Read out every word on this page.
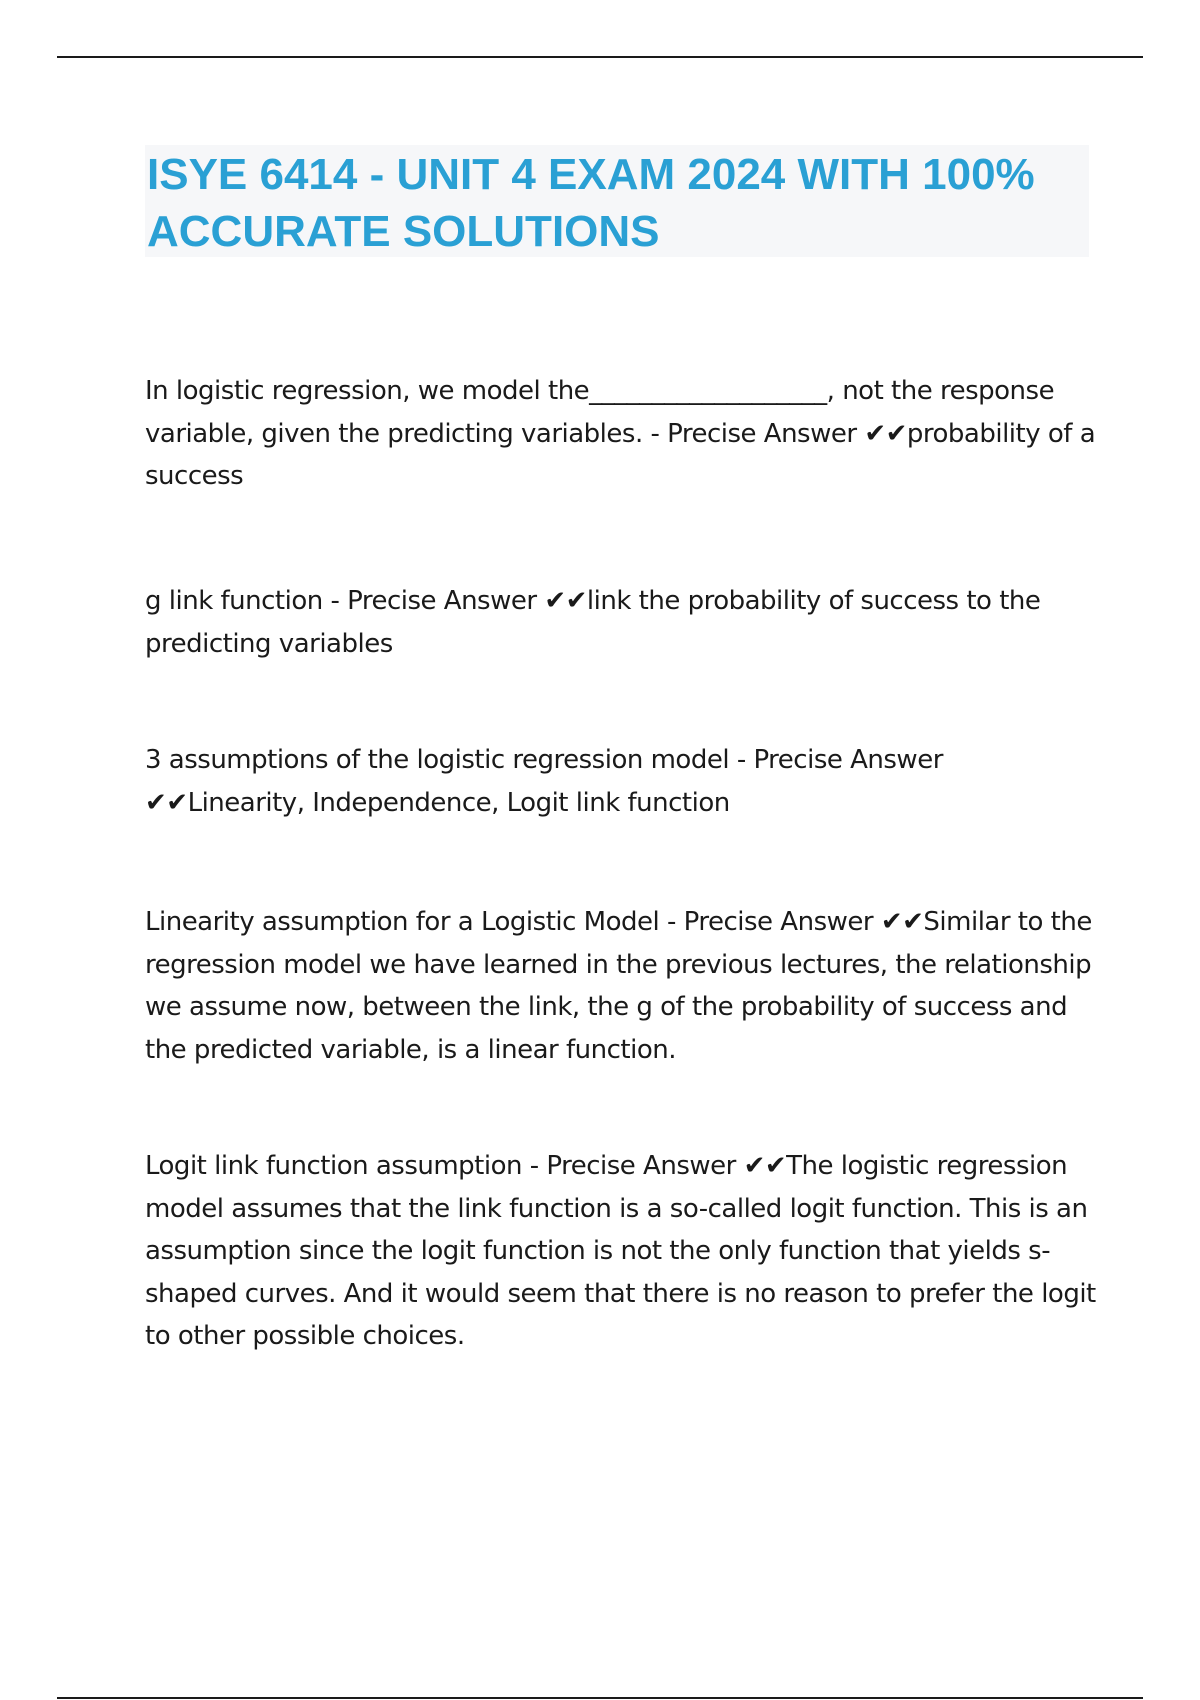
ISYE 6414 - UNIT 4 EXAM 2024 WITH 100% ACCURATE SOLUTIONS

In logistic regression, we model the___________________, not the response variable, given the predicting variables. - Precise Answer ✔✔probability of a success

g link function - Precise Answer ✔✔link the probability of success to the predicting variables

3 assumptions of the logistic regression model - Precise Answer ✔✔Linearity, Independence, Logit link function

Linearity assumption for a Logistic Model - Precise Answer ✔✔Similar to the regression model we have learned in the previous lectures, the relationship we assume now, between the link, the g of the probability of success and the predicted variable, is a linear function.

Logit link function assumption - Precise Answer ✔✔The logistic regression model assumes that the link function is a so-called logit function. This is an assumption since the logit function is not the only function that yields s-shaped curves. And it would seem that there is no reason to prefer the logit to other possible choices.
